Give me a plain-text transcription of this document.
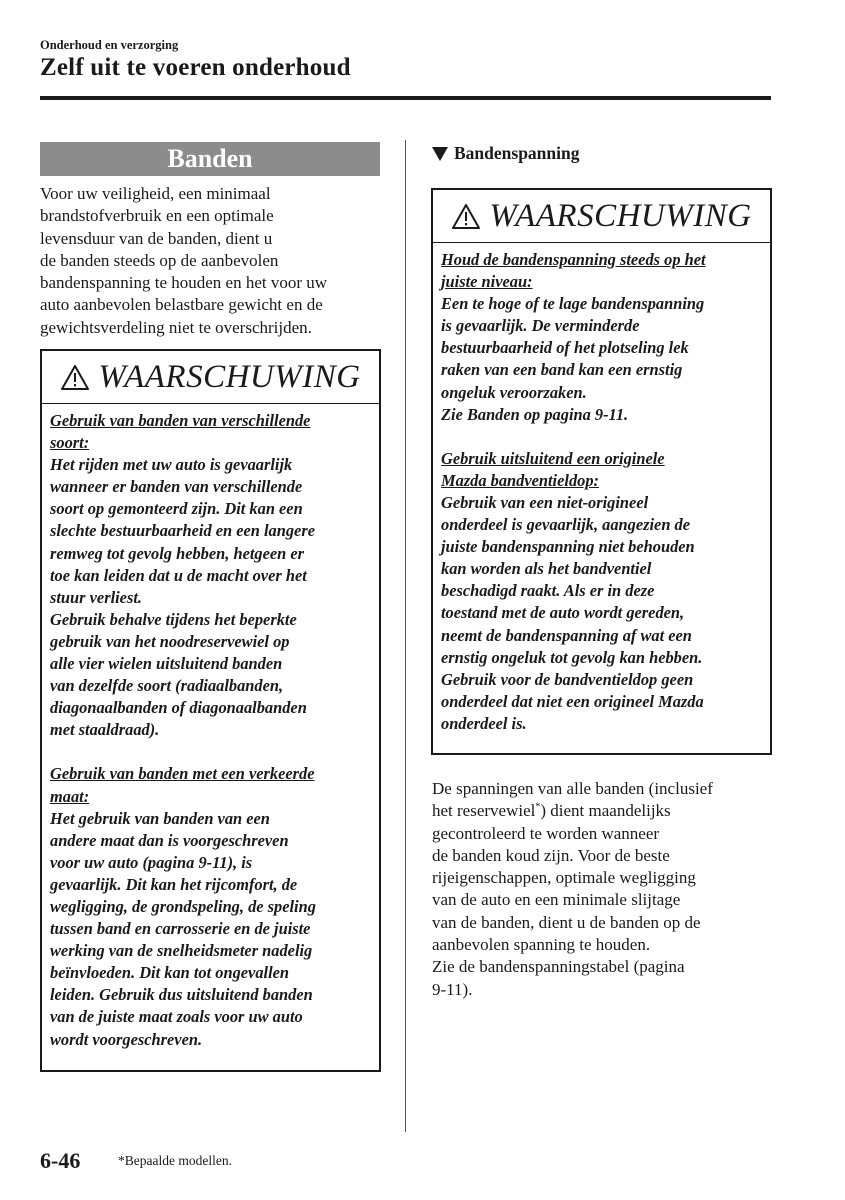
Onderhoud en verzorging
Zelf uit te voeren onderhoud
Banden
Voor uw veiligheid, een minimaal
brandstofverbruik en een optimale
levensduur van de banden, dient u
de banden steeds op de aanbevolen
bandenspanning te houden en het voor uw
auto aanbevolen belastbare gewicht en de
gewichtsverdeling niet te overschrijden.
WAARSCHUWING
Gebruik van banden van verschillende
soort:
Het rijden met uw auto is gevaarlijk
wanneer er banden van verschillende
soort op gemonteerd zijn. Dit kan een
slechte bestuurbaarheid en een langere
remweg tot gevolg hebben, hetgeen er
toe kan leiden dat u de macht over het
stuur verliest.
Gebruik behalve tijdens het beperkte
gebruik van het noodreservewiel op
alle vier wielen uitsluitend banden
van dezelfde soort (radiaalbanden,
diagonaalbanden of diagonaalbanden
met staaldraad).
Gebruik van banden met een verkeerde
maat:
Het gebruik van banden van een
andere maat dan is voorgeschreven
voor uw auto (pagina 9-11), is
gevaarlijk. Dit kan het rijcomfort, de
wegligging, de grondspeling, de speling
tussen band en carrosserie en de juiste
werking van de snelheidsmeter nadelig
beïnvloeden. Dit kan tot ongevallen
leiden. Gebruik dus uitsluitend banden
van de juiste maat zoals voor uw auto
wordt voorgeschreven.
Bandenspanning
WAARSCHUWING
Houd de bandenspanning steeds op het
juiste niveau:
Een te hoge of te lage bandenspanning
is gevaarlijk. De verminderde
bestuurbaarheid of het plotseling lek
raken van een band kan een ernstig
ongeluk veroorzaken.
Zie Banden op pagina 9-11.
Gebruik uitsluitend een originele
Mazda bandventieldop:
Gebruik van een niet-origineel
onderdeel is gevaarlijk, aangezien de
juiste bandenspanning niet behouden
kan worden als het bandventiel
beschadigd raakt. Als er in deze
toestand met de auto wordt gereden,
neemt de bandenspanning af wat een
ernstig ongeluk tot gevolg kan hebben.
Gebruik voor de bandventieldop geen
onderdeel dat niet een origineel Mazda
onderdeel is.
De spanningen van alle banden (inclusief
het reservewiel*) dient maandelijks
gecontroleerd te worden wanneer
de banden koud zijn. Voor de beste
rijeigenschappen, optimale wegligging
van de auto en een minimale slijtage
van de banden, dient u de banden op de
aanbevolen spanning te houden.
Zie de bandenspanningstabel (pagina
9-11).
6-46	*Bepaalde modellen.
